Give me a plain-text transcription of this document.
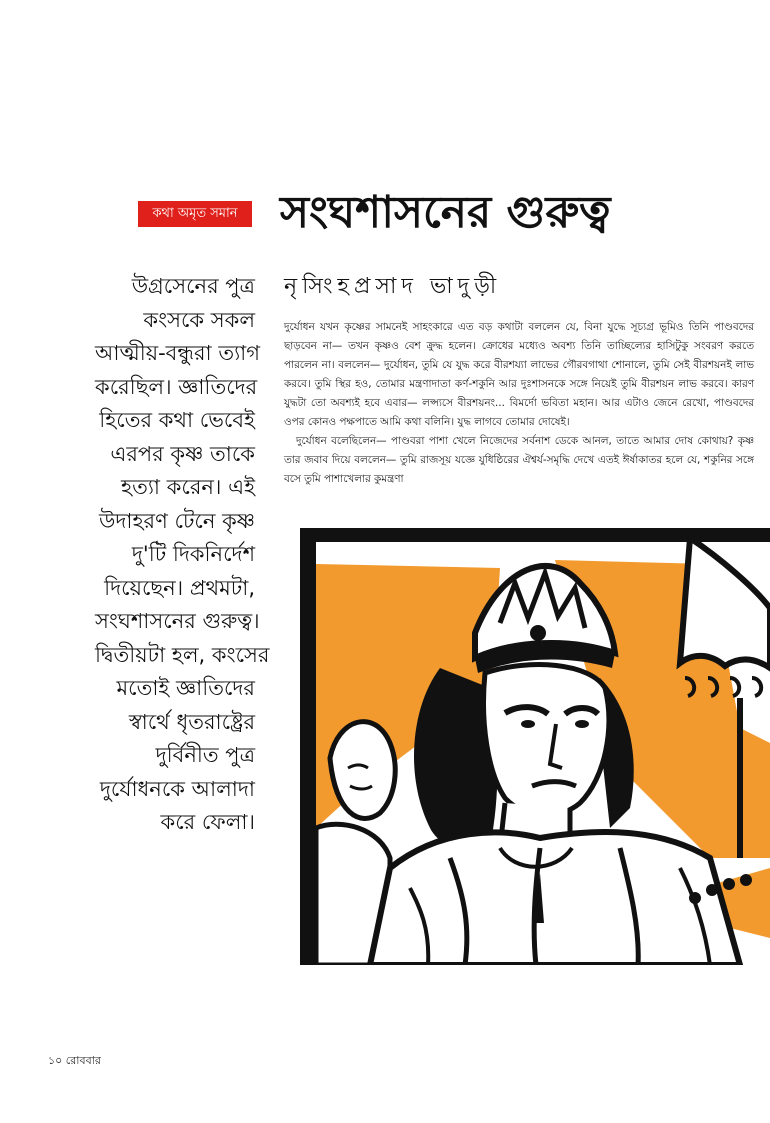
কথা অমৃত সমান সংঘশাসনের গুরুত্ব
নৃসিংহপ্রসাদ ভাদুড়ী
উগ্রসেনের পুত্র
কংসকে সকল
আত্মীয়-বন্ধুরা ত্যাগ
করেছিল। জ্ঞাতিদের
হিতের কথা ভেবেই
এরপর কৃষ্ণ তাকে
হত্যা করেন। এই
উদাহরণ টেনে কৃষ্ণ
দু'টি দিকনির্দেশ
দিয়েছেন। প্রথমটা,
সংঘশাসনের গুরুত্ব।
দ্বিতীয়টা হল, কংসের
মতোই জ্ঞাতিদের
স্বার্থে ধৃতরাষ্ট্রের
দুর্বিনীত পুত্র
দুর্যোধনকে আলাদা
করে ফেলা।

দুর্যোধন যখন কৃষ্ণের সামনেই সাহংকারে এত বড় কথাটা বললেন যে, বিনা যুদ্ধে সূচ্যগ্র ভূমিও তিনি পাণ্ডবদের ছাড়বেন না— তখন কৃষ্ণও বেশ ক্রুদ্ধ হলেন। ক্রোধের মধ্যেও অবশ্য তিনি তাচ্ছিল্যের হাসিটুকু সংবরণ করতে পারলেন না। বললেন— দুর্যোধন, তুমি যে যুদ্ধ করে বীরশয্যা লাভের গৌরবগাথা শোনালে, তুমি সেই বীরশয়নই লাভ করবে। তুমি স্থির হও, তোমার মন্ত্রণাদাতা কর্ণ-শকুনি আর দুঃশাসনকে সঙ্গে নিয়েই তুমি বীরশয়ন লাভ করবে। কারণ যুদ্ধটা তো অবশ্যই হবে এবার— লপ্স্যসে বীরশয়নং... বিমর্দো ভবিতা মহান। আর এটাও জেনে রেখো, পাণ্ডবদের ওপর কোনও পক্ষপাতে আমি কথা বলিনি। যুদ্ধ লাগবে তোমার দোষেই।

দুর্যোধন বলেছিলেন— পাণ্ডবরা পাশা খেলে নিজেদের সর্বনাশ ডেকে আনল, তাতে আমার দোষ কোথায়? কৃষ্ণ তার জবাব দিয়ে বললেন— তুমি রাজসূয় যজ্ঞে যুধিষ্ঠিরের ঐশ্বর্য-সমৃদ্ধি দেখে এতই ঈর্ষাকাতর হলে যে, শকুনির সঙ্গে বসে তুমি পাশাখেলার কুমন্ত্রণা

১০ রোববার
